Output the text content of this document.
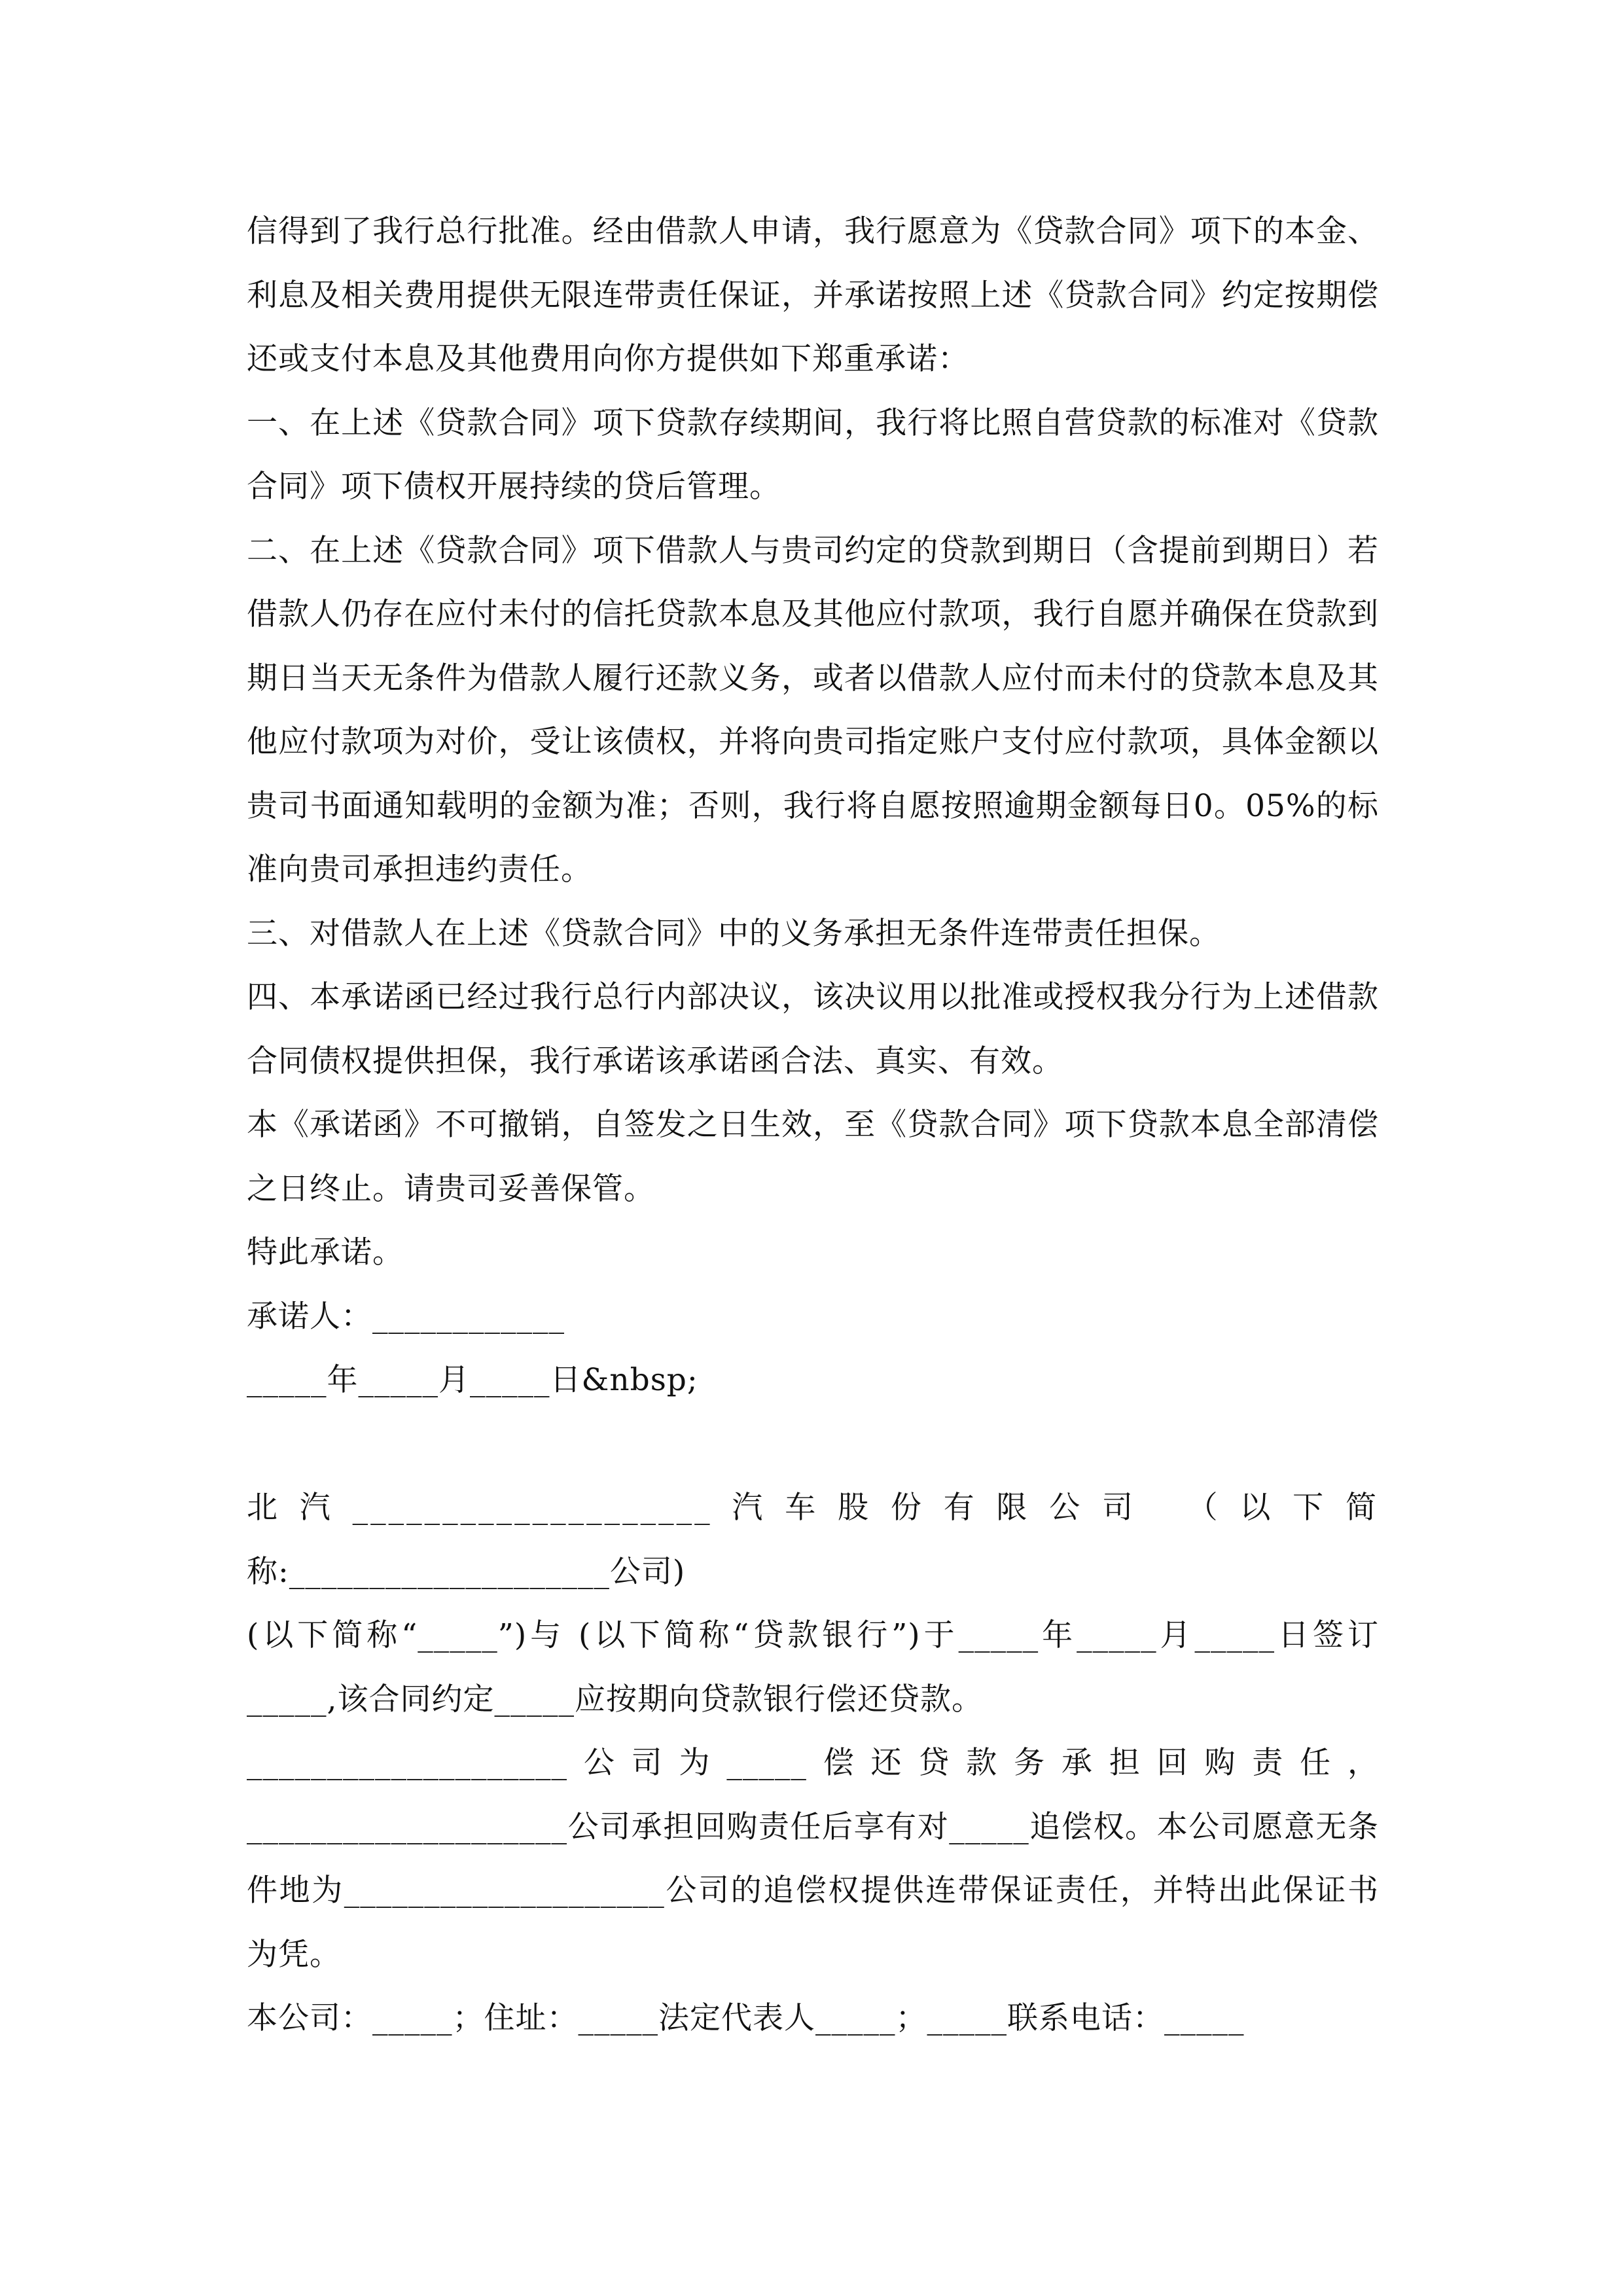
信得到了我行总行批准。经由借款人申请，我行愿意为《贷款合同》项下的本金、利息及相关费用提供无限连带责任保证，并承诺按照上述《贷款合同》约定按期偿还或支付本息及其他费用向你方提供如下郑重承诺：

一、在上述《贷款合同》项下贷款存续期间，我行将比照自营贷款的标准对《贷款合同》项下债权开展持续的贷后管理。

二、在上述《贷款合同》项下借款人与贵司约定的贷款到期日（含提前到期日）若借款人仍存在应付未付的信托贷款本息及其他应付款项，我行自愿并确保在贷款到期日当天无条件为借款人履行还款义务，或者以借款人应付而未付的贷款本息及其他应付款项为对价，受让该债权，并将向贵司指定账户支付应付款项，具体金额以贵司书面通知载明的金额为准；否则，我行将自愿按照逾期金额每日0。05%的标准向贵司承担违约责任。

三、对借款人在上述《贷款合同》中的义务承担无条件连带责任担保。

四、本承诺函已经过我行总行内部决议，该决议用以批准或授权我分行为上述借款合同债权提供担保，我行承诺该承诺函合法、真实、有效。

本《承诺函》不可撤销，自签发之日生效，至《贷款合同》项下贷款本息全部清偿之日终止。请贵司妥善保管。

特此承诺。

承诺人：____________

_____年_____月_____日&nbsp;

北汽____________________汽车股份有限公司 （以下简

称:____________________公司)

(以下简称“_____”)与 (以下简称“贷款银行”)于_____年_____月_____日签订_____,该合同约定_____应按期向贷款银行偿还贷款。

____________________公司为_____偿还贷款务承担回购责任，____________________公司承担回购责任后享有对_____追偿权。本公司愿意无条件地为____________________公司的追偿权提供连带保证责任，并特出此保证书为凭。

本公司：_____；住址：_____法定代表人_____；_____联系电话：_____
